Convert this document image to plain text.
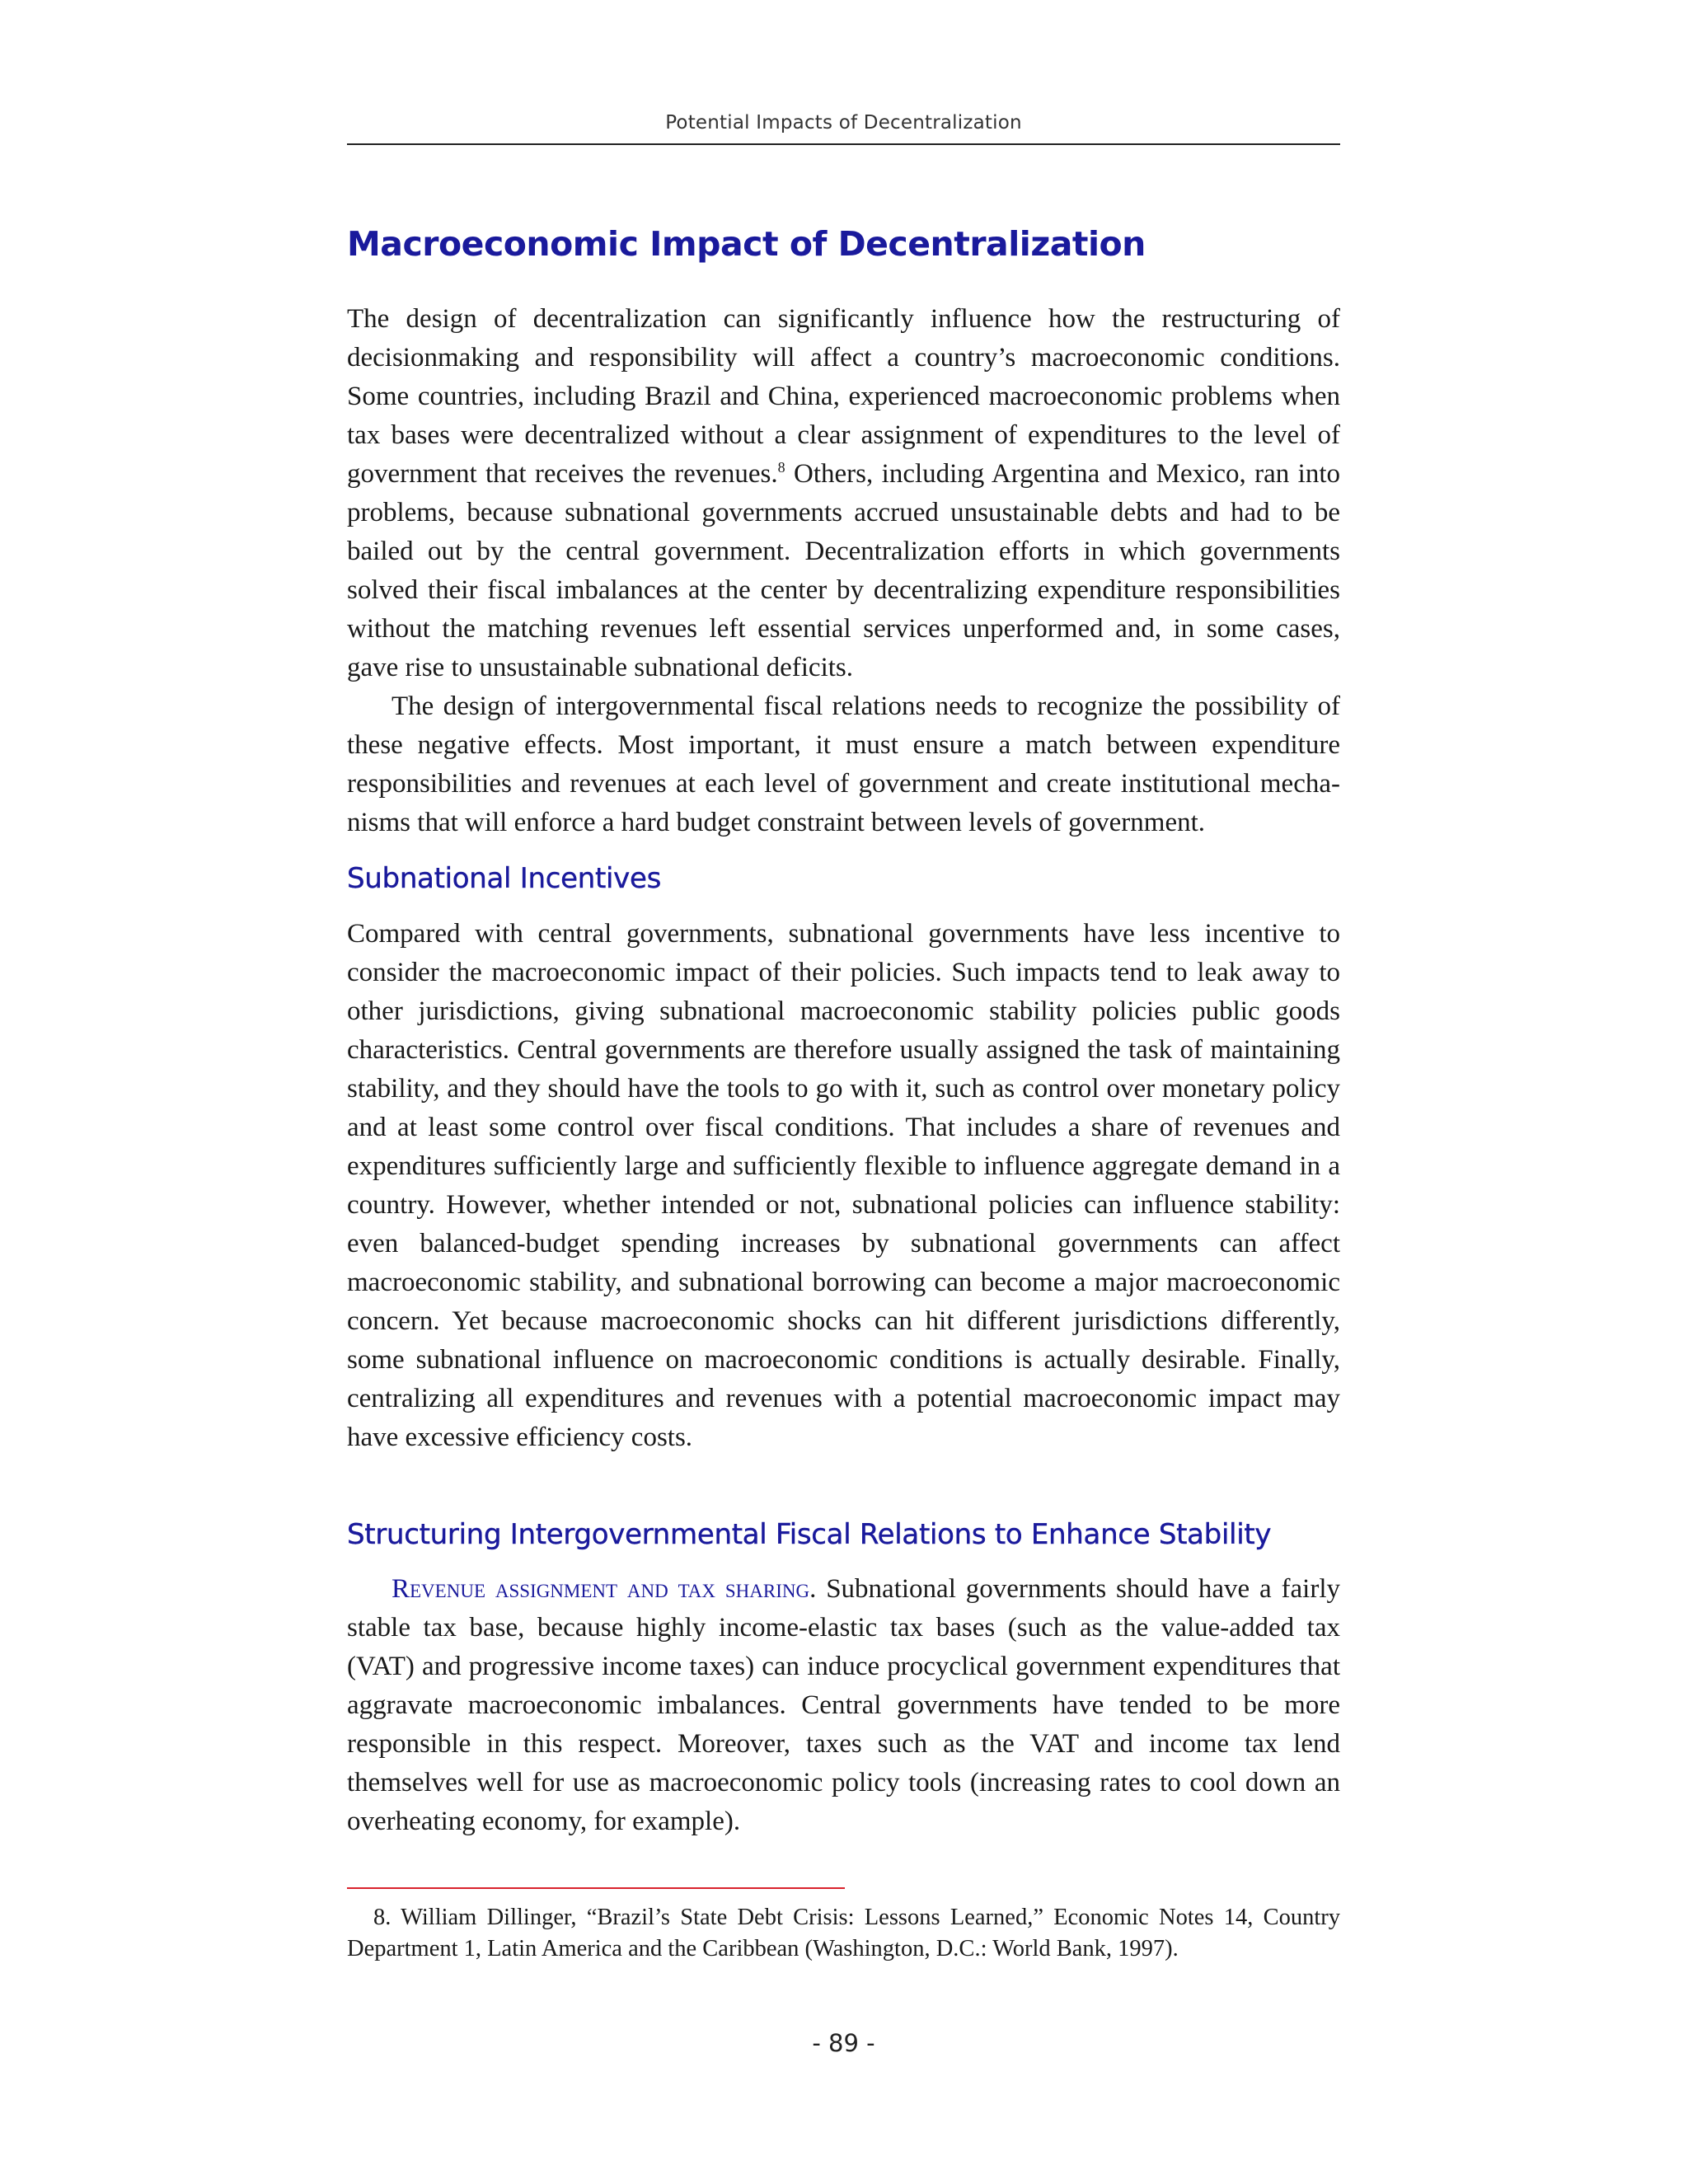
Potential Impacts of Decentralization
Macroeconomic Impact of Decentralization

The design of decentralization can significantly influence how the restructuring of decisionmaking and responsibility will affect a country’s macroeconomic conditions. Some countries, including Brazil and China, experienced macroeconomic problems when tax bases were decentralized without a clear assignment of expenditures to the level of government that receives the revenues.$^8$ Others, including Argentina and Mexico, ran into problems, because subnational governments accrued unsustainable debts and had to be bailed out by the central government. Decentralization efforts in which governments solved their fiscal imbalances at the center by decentralizing expenditure responsibilities without the matching revenues left essential services unperformed and, in some cases, gave rise to unsustainable subnational deficits.

The design of intergovernmental fiscal relations needs to recognize the possibility of these negative effects. Most important, it must ensure a match between expenditure responsibilities and revenues at each level of government and create institutional mechanisms that will enforce a hard budget constraint between levels of government.

Subnational Incentives

Compared with central governments, subnational governments have less incentive to consider the macroeconomic impact of their policies. Such impacts tend to leak away to other jurisdictions, giving subnational macroeconomic stability policies public goods characteristics. Central governments are therefore usually assigned the task of maintaining stability, and they should have the tools to go with it, such as control over monetary policy and at least some control over fiscal conditions. That includes a share of revenues and expenditures sufficiently large and sufficiently flexible to influence aggregate demand in a country. However, whether intended or not, subnational policies can influence stability: even balanced-budget spending increases by subnational governments can affect macroeconomic stability, and subnational borrowing can become a major macroeconomic concern. Yet because macroeconomic shocks can hit different jurisdictions differently, some subnational influence on macroeconomic conditions is actually desirable. Finally, centralizing all expenditures and revenues with a potential macroeconomic impact may have excessive efficiency costs.

Structuring Intergovernmental Fiscal Relations to Enhance Stability

Revenue assignment and tax sharing. Subnational governments should have a fairly stable tax base, because highly income-elastic tax bases (such as the value-added tax (VAT) and progressive income taxes) can induce procyclical government expenditures that aggravate macroeconomic imbalances. Central governments have tended to be more responsible in this respect. Moreover, taxes such as the VAT and income tax lend themselves well for use as macroeconomic policy tools (increasing rates to cool down an overheating economy, for example).

8. William Dillinger, “Brazil’s State Debt Crisis: Lessons Learned,” Economic Notes 14, Country Department 1, Latin America and the Caribbean (Washington, D.C.: World Bank, 1997).

- 89 -
